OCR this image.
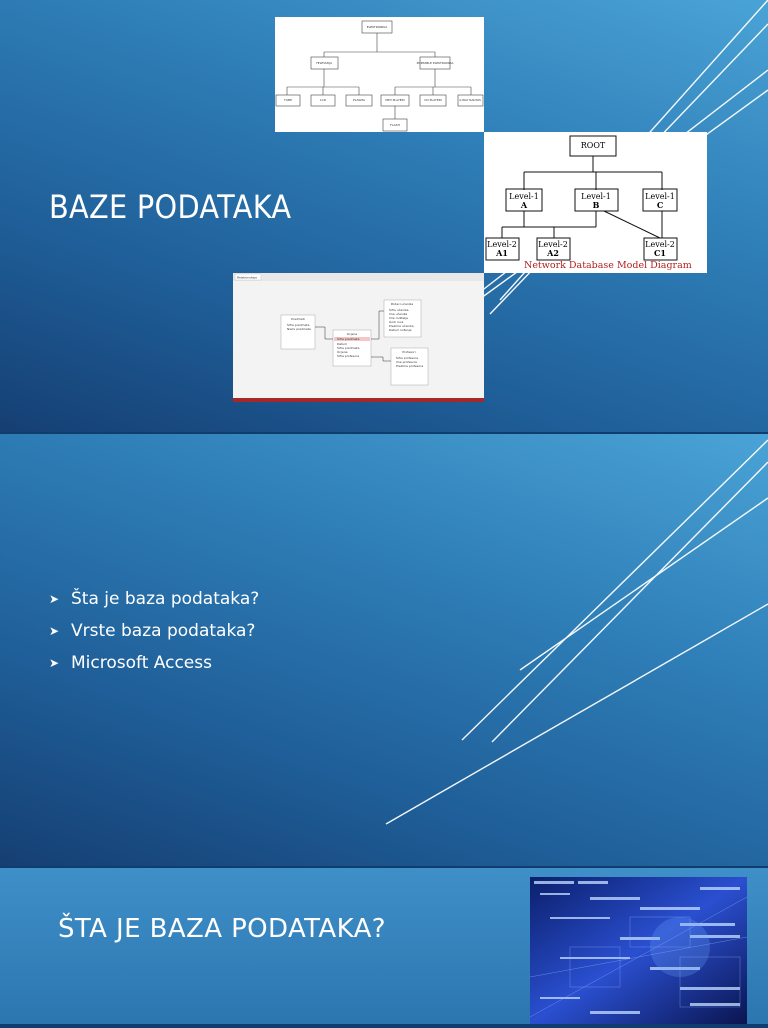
BAZE PODATAKA
ELEKTRONIKA
TELEVIZIJA	PORTABLE ELEKTRONIKA
TUBE	LCD	PLASMA	MP3 PLAYERI	CD PLAYERI	2-WAY RADIOS
FLASH
ROOT
Level-1
A
Level-1
B
Level-1
C
Level-2
A1
Level-2
A2
Level-2
C1
Network Database Model Diagram
Relationships
Predmeti
Šifra predmeta
Naziv predmeta
Ocjene
Šifra predmeta
Datum
Šifra predmeta
Ocjena
Šifra profesora
Podaci učenika
Šifra učenika
Ime učenika
Ime roditelja
Godi roos
Prezime učenika
Datum rođenja
Profesori
Šifra profesora
Ime profesora
Prezime profesora
➤ Šta je baza podataka?
➤ Vrste baza podataka?
➤ Microsoft Access
ŠTA JE BAZA PODATAKA?
